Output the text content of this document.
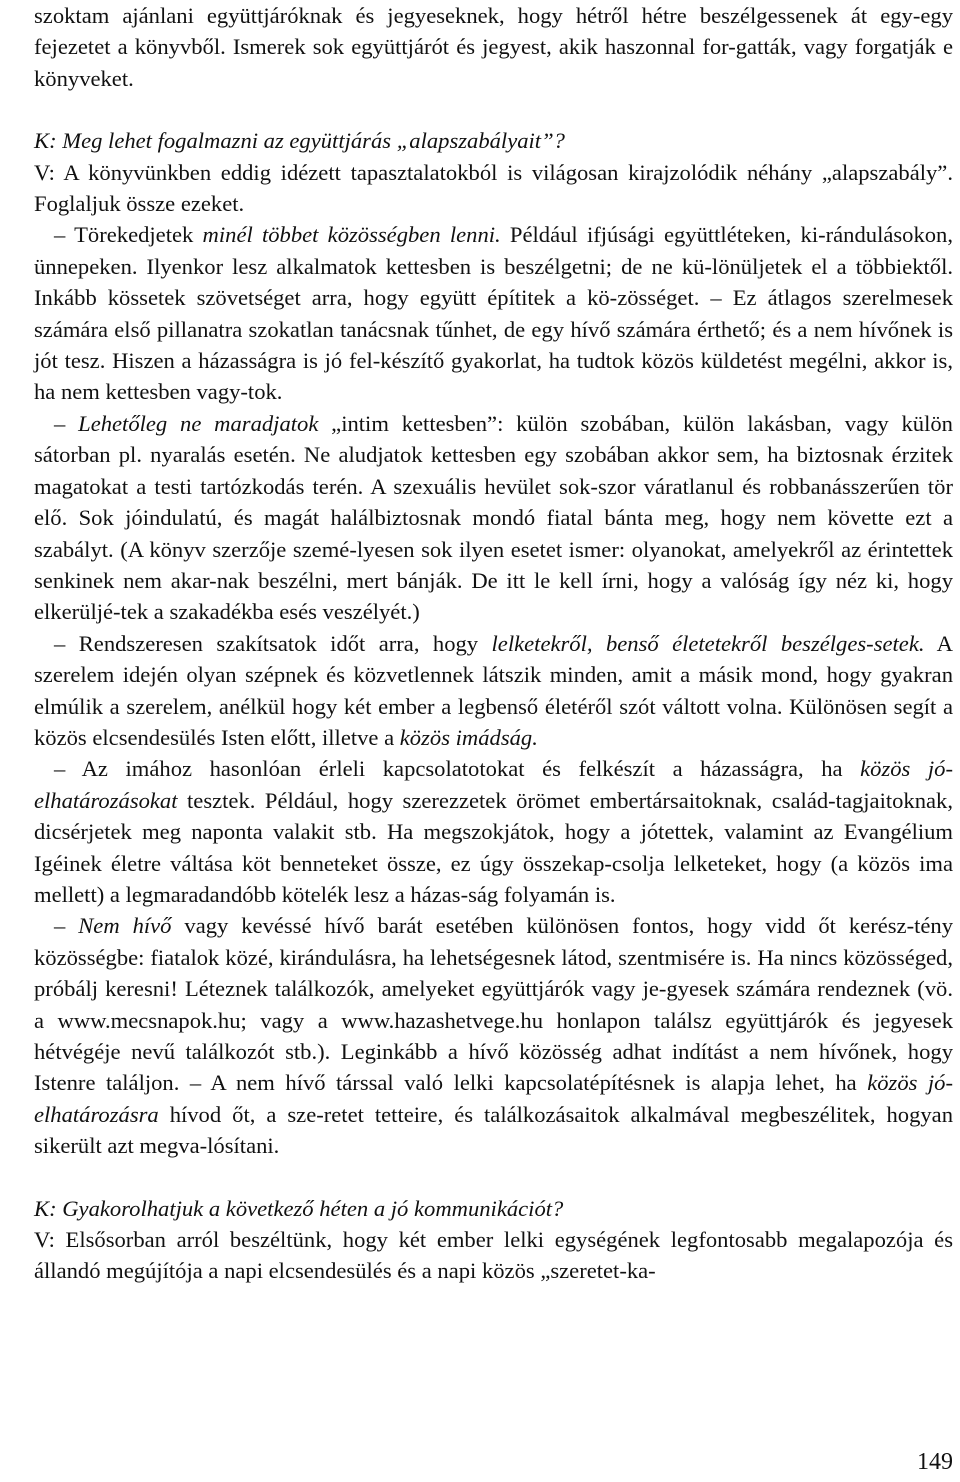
szoktam ajánlani együttjáróknak és jegyeseknek, hogy hétről hétre beszélgessenek át egy-egy fejezetet a könyvből. Ismerek sok együttjárót és jegyest, akik haszonnal for-gatták, vagy forgatják e könyveket.

K: Meg lehet fogalmazni az együttjárás „alapszabályait”?

V: A könyvünkben eddig idézett tapasztalatokból is világosan kirajzolódik néhány „alapszabály”. Foglaljuk össze ezeket.

– Törekedjetek minél többet közösségben lenni. Például ifjúsági együttléteken, ki-rándulásokon, ünnepeken. Ilyenkor lesz alkalmatok kettesben is beszélgetni; de ne kü-lönüljetek el a többiektől. Inkább kössetek szövetséget arra, hogy együtt építitek a kö-zösséget. – Ez átlagos szerelmesek számára első pillanatra szokatlan tanácsnak tűnhet, de egy hívő számára érthető; és a nem hívőnek is jót tesz. Hiszen a házasságra is jó fel-készítő gyakorlat, ha tudtok közös küldetést megélni, akkor is, ha nem kettesben vagy-tok.

– Lehetőleg ne maradjatok „intim kettesben”: külön szobában, külön lakásban, vagy külön sátorban pl. nyaralás esetén. Ne aludjatok kettesben egy szobában akkor sem, ha biztosnak érzitek magatokat a testi tartózkodás terén. A szexuális hevület sok-szor váratlanul és robbanásszerűen tör elő. Sok jóindulatú, és magát halálbiztosnak mondó fiatal bánta meg, hogy nem követte ezt a szabályt. (A könyv szerzője szemé-lyesen sok ilyen esetet ismer: olyanokat, amelyekről az érintettek senkinek nem akar-nak beszélni, mert bánják. De itt le kell írni, hogy a valóság így néz ki, hogy elkerüljé-tek a szakadékba esés veszélyét.)

– Rendszeresen szakítsatok időt arra, hogy lelketekről, benső életetekről beszélges-setek. A szerelem idején olyan szépnek és közvetlennek látszik minden, amit a másik mond, hogy gyakran elmúlik a szerelem, anélkül hogy két ember a legbenső életéről szót váltott volna. Különösen segít a közös elcsendesülés Isten előtt, illetve a közös imádság.

– Az imához hasonlóan érleli kapcsolatotokat és felkészít a házasságra, ha közös jó-elhatározásokat tesztek. Például, hogy szerezzetek örömet embertársaitoknak, család-tagjaitoknak, dicsérjetek meg naponta valakit stb. Ha megszokjátok, hogy a jótettek, valamint az Evangélium Igéinek életre váltása köt benneteket össze, ez úgy összekap-csolja lelketeket, hogy (a közös ima mellett) a legmaradandóbb kötelék lesz a házas-ság folyamán is.

– Nem hívő vagy kevéssé hívő barát esetében különösen fontos, hogy vidd őt kerész-tény közösségbe: fiatalok közé, kirándulásra, ha lehetségesnek látod, szentmisére is. Ha nincs közösséged, próbálj keresni! Léteznek találkozók, amelyeket együttjárók vagy je-gyesek számára rendeznek (vö. a www.mecsnapok.hu; vagy a www.hazashetvege.hu honlapon találsz együttjárók és jegyesek hétvégéje nevű találkozót stb.). Leginkább a hívő közösség adhat indítást a nem hívőnek, hogy Istenre találjon. – A nem hívő társsal való lelki kapcsolatépítésnek is alapja lehet, ha közös jó-elhatározásra hívod őt, a sze-retet tetteire, és találkozásaitok alkalmával megbeszélitek, hogyan sikerült azt megva-lósítani.

K: Gyakorolhatjuk a következő héten a jó kommunikációt?

V: Elsősorban arról beszéltünk, hogy két ember lelki egységének legfontosabb megalapozója és állandó megújítója a napi elcsendesülés és a napi közös „szeretet-ka-

149
